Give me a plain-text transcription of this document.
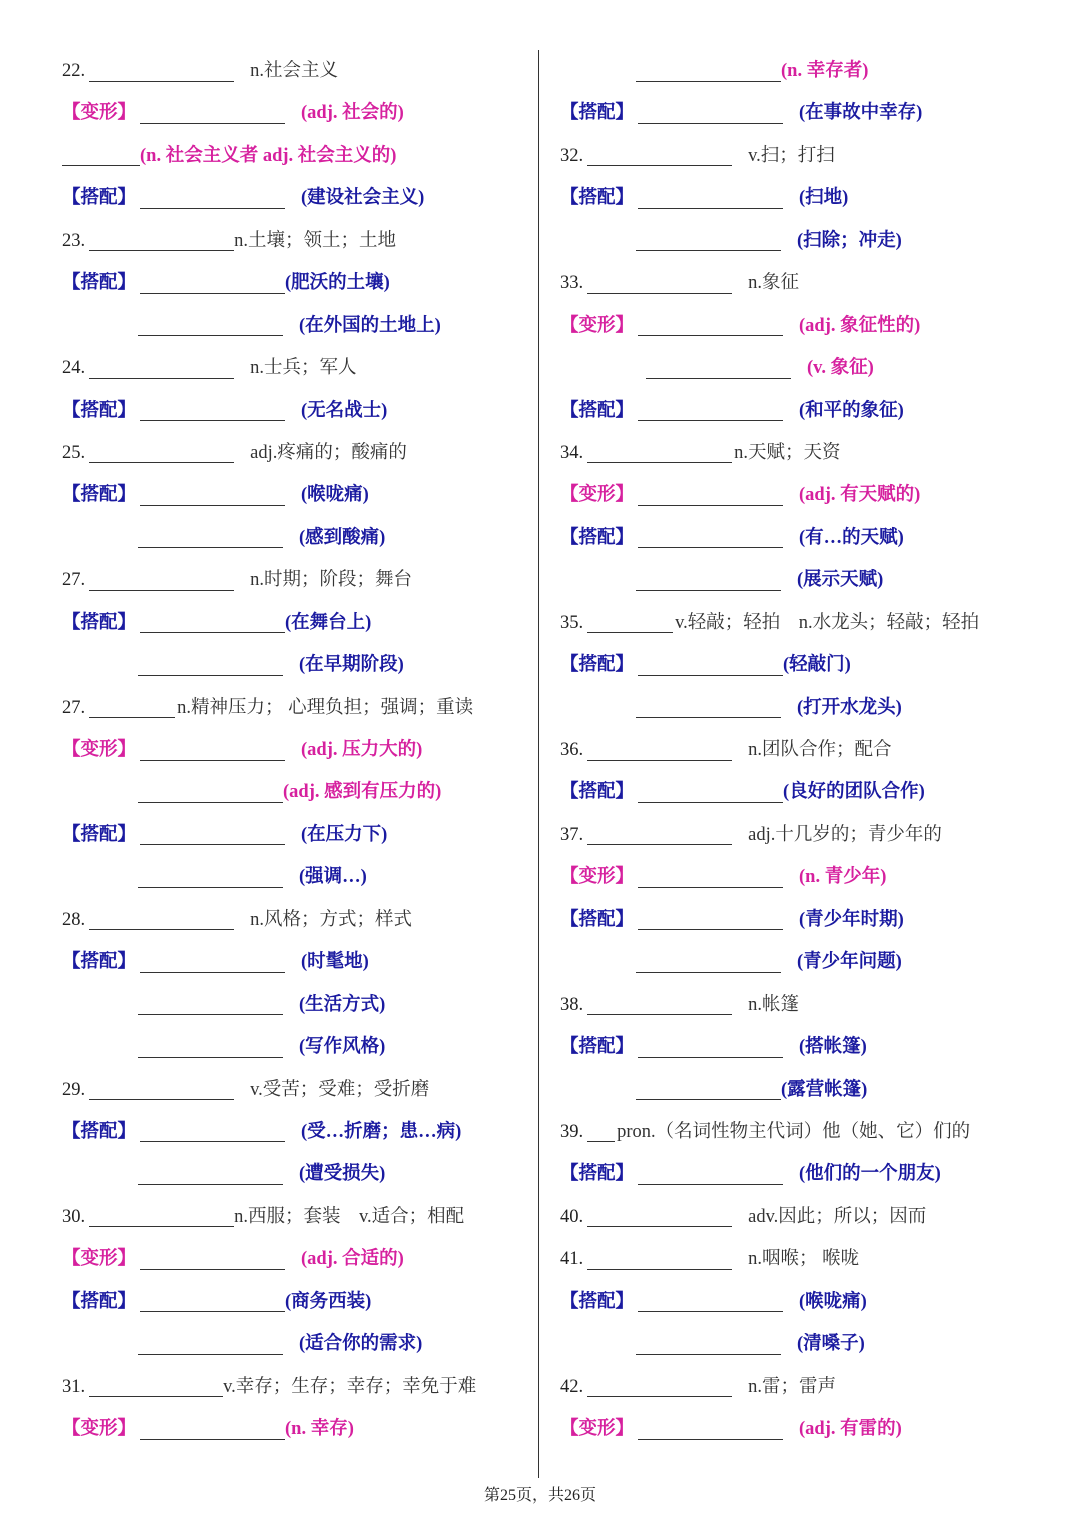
22.	n.社会主义
【变形】	(adj. 社会的)
(n. 社会主义者 adj. 社会主义的)
【搭配】	(建设社会主义)
23.	n.土壤；领土；土地
【搭配】	(肥沃的土壤)
(在外国的土地上)
24.	n.士兵；军人
【搭配】	(无名战士)
25.	adj.疼痛的；酸痛的
【搭配】	(喉咙痛)
(感到酸痛)
27.	n.时期；阶段；舞台
【搭配】	(在舞台上)
(在早期阶段)
27.	n.精神压力； 心理负担；强调；重读
【变形】	(adj. 压力大的)
(adj. 感到有压力的)
【搭配】	(在压力下)
(强调…)
28.	n.风格；方式；样式
【搭配】	(时髦地)
(生活方式)
(写作风格)
29.	v.受苦；受难；受折磨
【搭配】	(受…折磨；患…病)
(遭受损失)
30.	n.西服；套装　v.适合；相配
【变形】	(adj. 合适的)
【搭配】	(商务西装)
(适合你的需求)
31.	v.幸存；生存；幸存；幸免于难
【变形】	(n. 幸存)
(n. 幸存者)
【搭配】	(在事故中幸存)
32.	v.扫；打扫
【搭配】	(扫地)
(扫除；冲走)
33.	n.象征
【变形】	(adj. 象征性的)
(v. 象征)
【搭配】	(和平的象征)
34.	n.天赋；天资
【变形】	(adj. 有天赋的)
【搭配】	(有…的天赋)
(展示天赋)
35.	v.轻敲；轻拍　n.水龙头；轻敲；轻拍
【搭配】	(轻敲门)
(打开水龙头)
36.	n.团队合作；配合
【搭配】	(良好的团队合作)
37.	adj.十几岁的；青少年的
【变形】	(n. 青少年)
【搭配】	(青少年时期)
(青少年问题)
38.	n.帐篷
【搭配】	(搭帐篷)
(露营帐篷)
39. pron.（名词性物主代词）他（她、它）们的
【搭配】	(他们的一个朋友)
40.	adv.因此；所以；因而
41.	n.咽喉； 喉咙
【搭配】	(喉咙痛)
(清嗓子)
42.	n.雷；雷声
【变形】	(adj. 有雷的)
第25页，共26页
